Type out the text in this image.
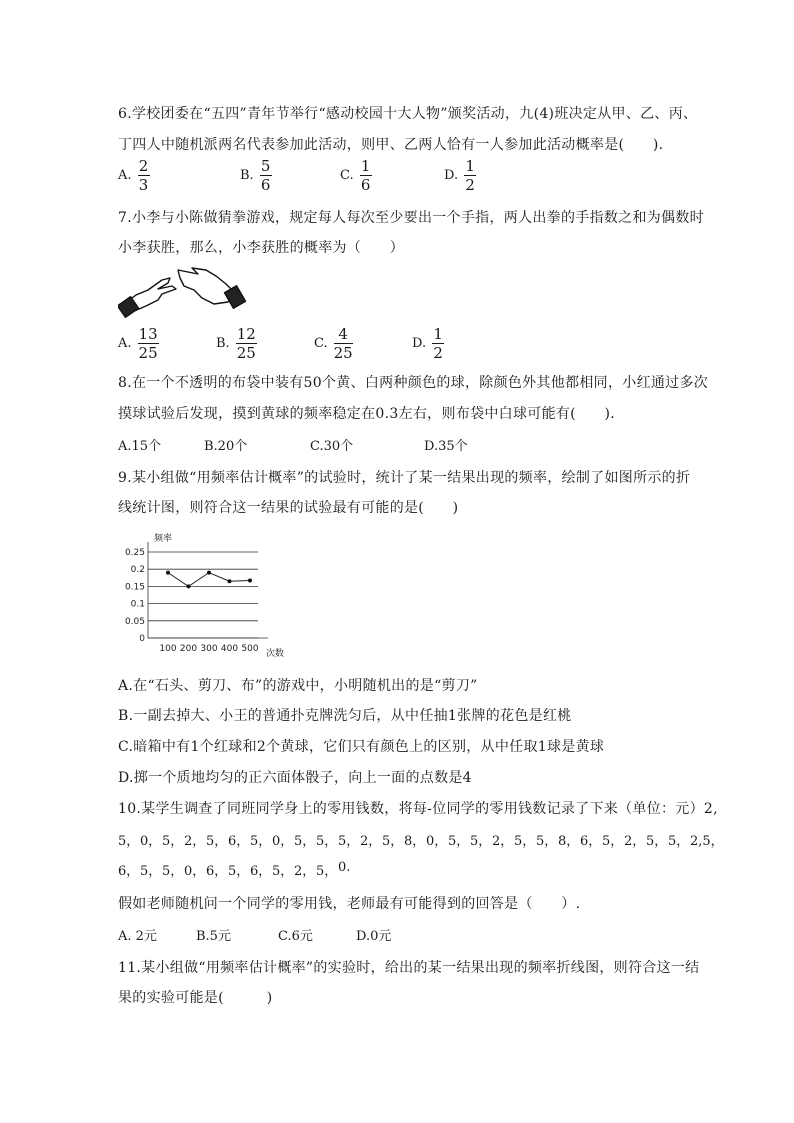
6.学校团委在“五四”青年节举行“感动校园十大人物”颁奖活动，九(4)班决定从甲、乙、丙、
丁四人中随机派两名代表参加此活动，则甲、乙两人恰有一人参加此活动概率是(　　).
A. $\frac{2}{3}$	B. $\frac{5}{6}$	C. $\frac{1}{6}$	D. $\frac{1}{2}$
7.小李与小陈做猜拳游戏，规定每人每次至少要出一个手指，两人出拳的手指数之和为偶数时
小李获胜，那么，小李获胜的概率为（　　）
A. $\frac{13}{25}$	B. $\frac{12}{25}$	C. $\frac{4}{25}$	D. $\frac{1}{2}$
8.在一个不透明的布袋中装有50个黄、白两种颜色的球，除颜色外其他都相同，小红通过多次
摸球试验后发现，摸到黄球的频率稳定在0.3左右，则布袋中白球可能有(　　).
A.15个	B.20个	C.30个	D.35个
9.某小组做“用频率估计概率”的试验时，统计了某一结果出现的频率，绘制了如图所示的折
线统计图，则符合这一结果的试验最有可能的是(　　)
频率
0.25
0.2
0.15
0.1
0.05
0
100 200 300 400 500 次数
A.在“石头、剪刀、布”的游戏中，小明随机出的是“剪刀”
B.一副去掉大、小王的普通扑克牌洗匀后，从中任抽1张牌的花色是红桃
C.暗箱中有1个红球和2个黄球，它们只有颜色上的区别，从中任取1球是黄球
D.掷一个质地均匀的正六面体骰子，向上一面的点数是4
10.某学生调查了同班同学身上的零用钱数，将每-位同学的零用钱数记录了下来（单位：元）2,
5， 0， 5， 2， 5， 6， 5， 0， 5， 5， 5， 2， 5， 8， 0， 5， 5， 2， 5， 5， 8， 6， 5， 2， 5， 5， 2,5，
6， 5， 5， 0， 6， 5， 6， 5， 2， 5， 0.
假如老师随机问一个同学的零用钱，老师最有可能得到的回答是（　　）.
A. 2元	B.5元	C.6元	D.0元
11.某小组做“用频率估计概率”的实验时，给出的某一结果出现的频率折线图，则符合这一结
果的实验可能是(　　　)
